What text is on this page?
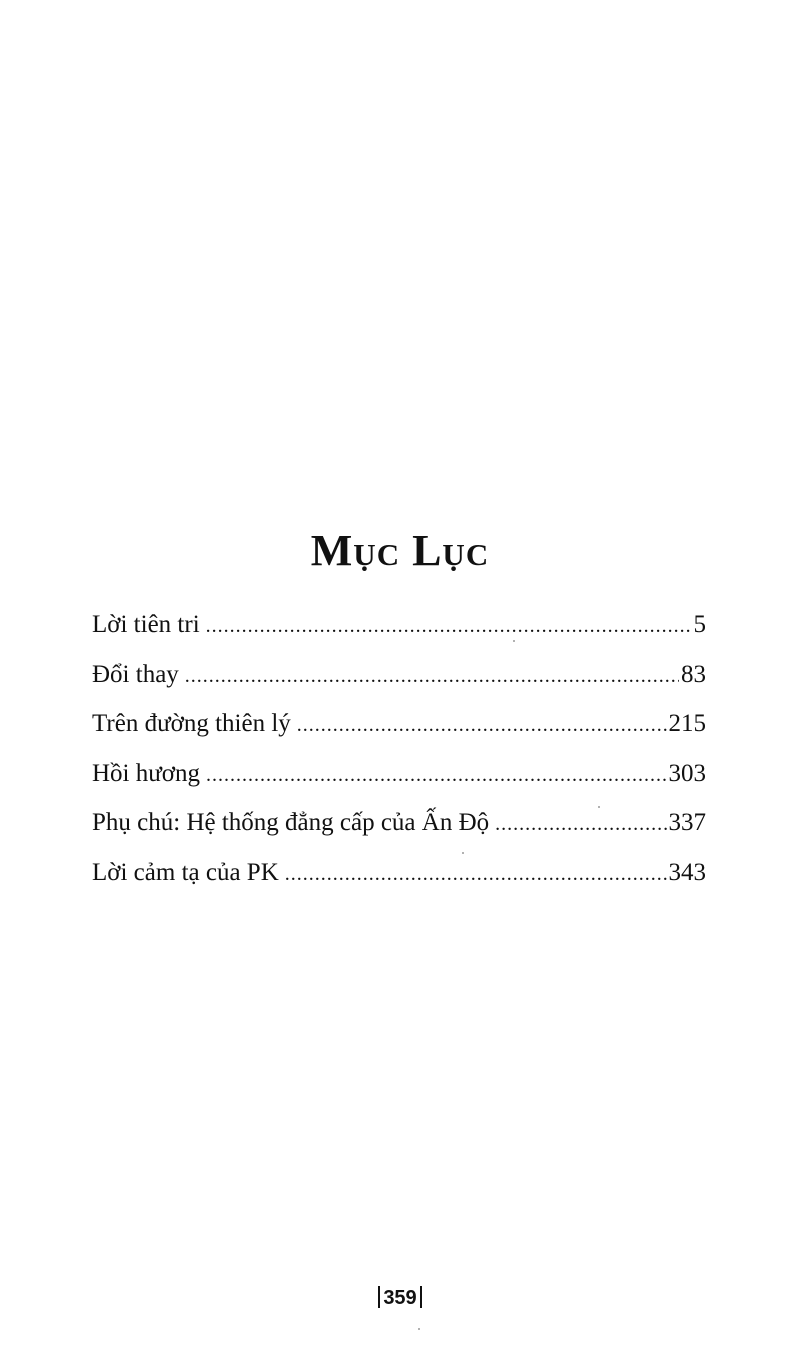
Mục Lục
Lời tiên tri .....	5
Đổi thay .....	83
Trên đường thiên lý .....	215
Hồi hương .....	303
Phụ chú: Hệ thống đẳng cấp của Ấn Độ .....	337
Lời cảm tạ của PK .....	343
359
